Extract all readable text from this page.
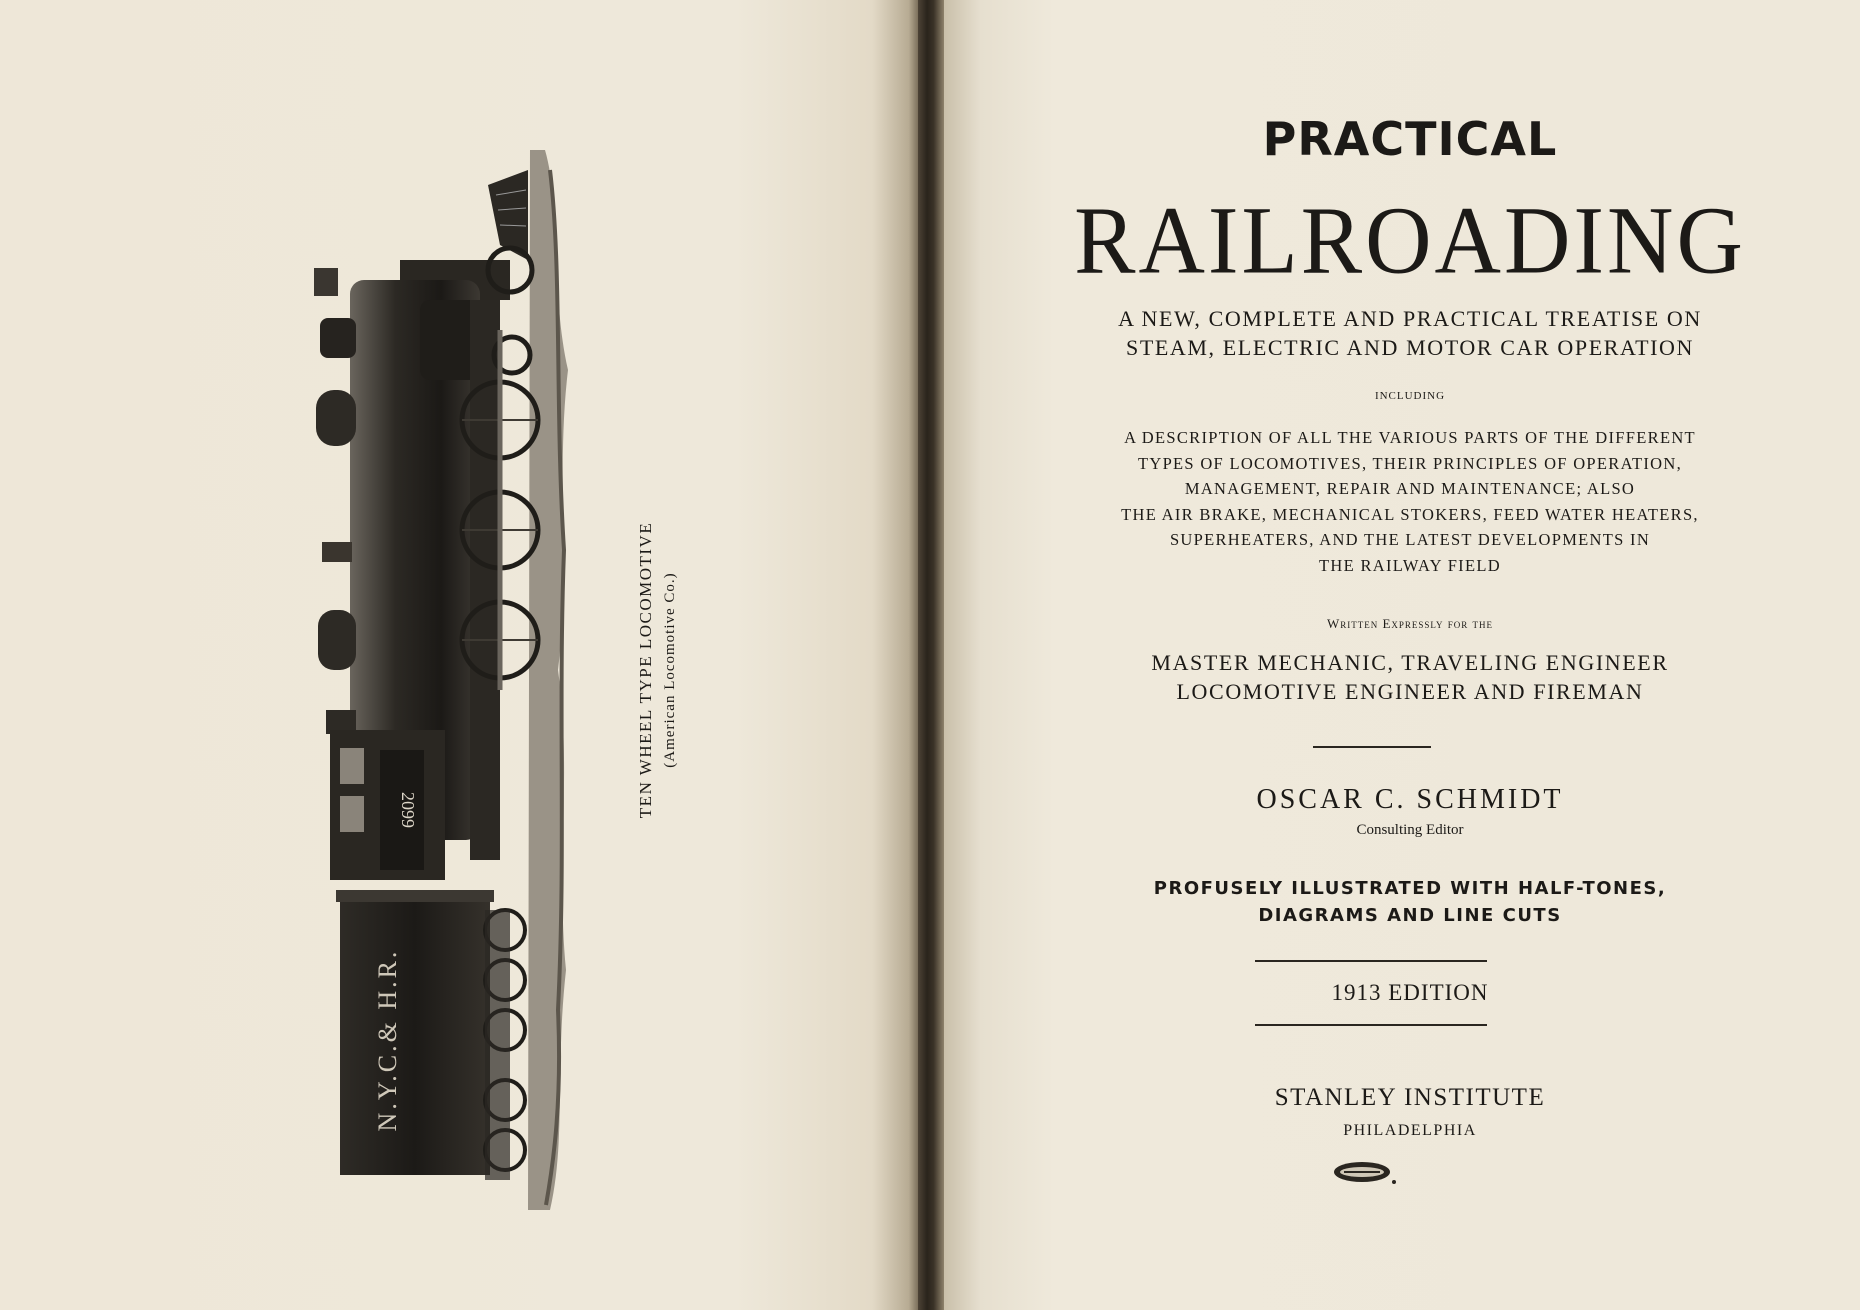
2099
N.Y.C.& H.R.
TEN WHEEL TYPE LOCOMOTIVE (American Locomotive Co.)
PRACTICAL
RAILROADING
A NEW, COMPLETE AND PRACTICAL TREATISE ON
STEAM, ELECTRIC AND MOTOR CAR OPERATION
INCLUDING
A DESCRIPTION OF ALL THE VARIOUS PARTS OF THE DIFFERENT
TYPES OF LOCOMOTIVES, THEIR PRINCIPLES OF OPERATION,
MANAGEMENT, REPAIR AND MAINTENANCE; ALSO
THE AIR BRAKE, MECHANICAL STOKERS, FEED WATER HEATERS,
SUPERHEATERS, AND THE LATEST DEVELOPMENTS IN
THE RAILWAY FIELD
Written Expressly for the
MASTER MECHANIC, TRAVELING ENGINEER
LOCOMOTIVE ENGINEER AND FIREMAN
OSCAR C. SCHMIDT
Consulting Editor
PROFUSELY ILLUSTRATED WITH HALF-TONES,
DIAGRAMS AND LINE CUTS
1913 EDITION
STANLEY INSTITUTE
PHILADELPHIA
